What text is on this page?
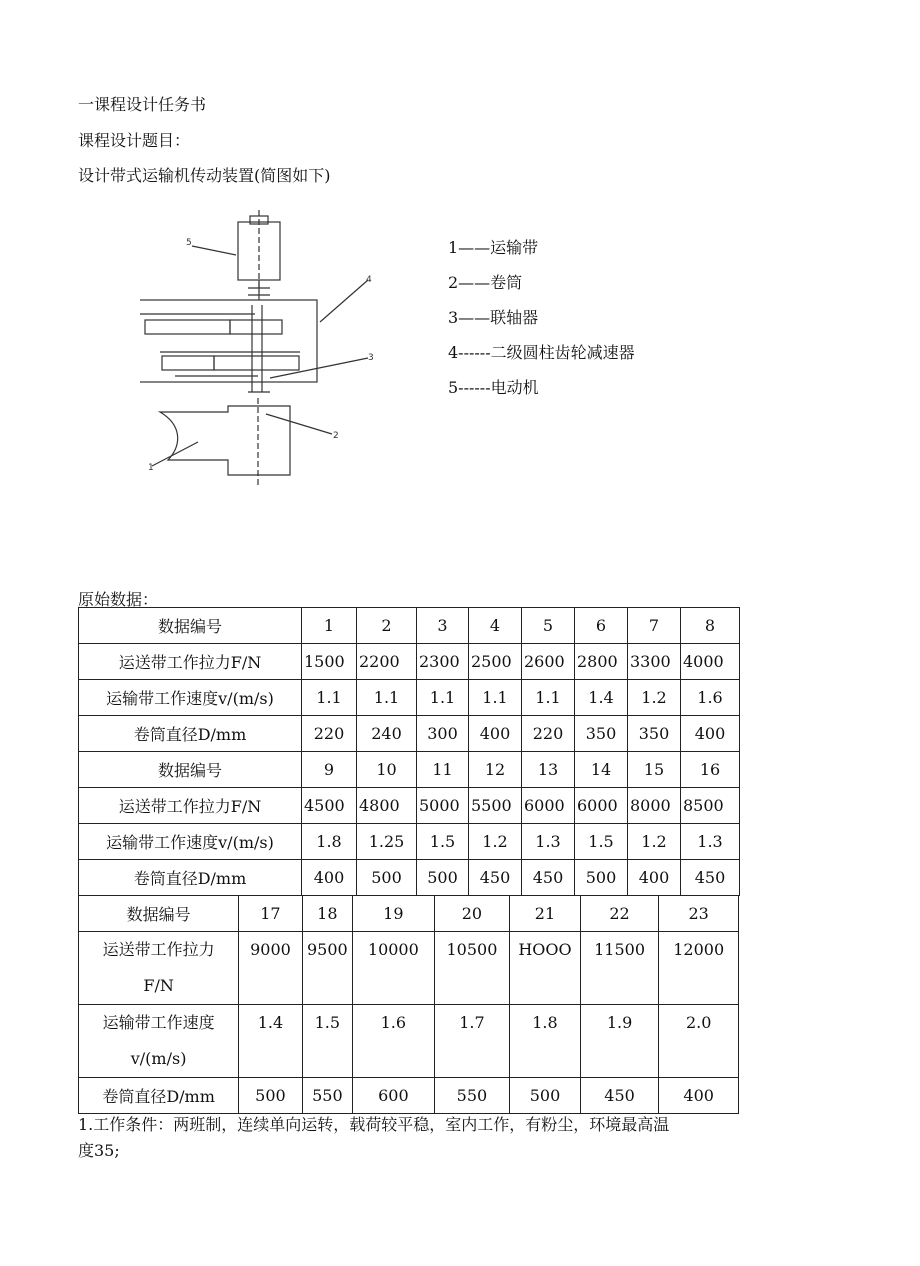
一课程设计任务书
课程设计题目：
设计带式运输机传动装置(简图如下)
5
4
3
2
1
1——运输带
2——卷筒
3——联轴器
4------二级圆柱齿轮减速器
5------电动机
原始数据：
数据编号	1	2	3	4	5	6	7	8
运送带工作拉力F/N	1500	2200	2300	2500	2600	2800	3300	4000
运输带工作速度v/(m/s)	1.1	1.1	1.1	1.1	1.1	1.4	1.2	1.6
卷筒直径D/mm	220	240	300	400	220	350	350	400
数据编号	9	10	11	12	13	14	15	16
运送带工作拉力F/N	4500	4800	5000	5500	6000	6000	8000	8500
运输带工作速度v/(m/s)	1.8	1.25	1.5	1.2	1.3	1.5	1.2	1.3
卷筒直径D/mm	400	500	500	450	450	500	400	450
数据编号	17	18	19	20	21	22	23

运送带工作拉力
F/N	9000	9500	10000	10500	HOOO	11500	12000

运输带工作速度
v/(m/s)	1.4	1.5	1.6	1.7	1.8	1.9	2.0
卷筒直径D/mm	500	550	600	550	500	450	400
1.工作条件：两班制，连续单向运转，载荷较平稳，室内工作，有粉尘，环境最高温
度35;
